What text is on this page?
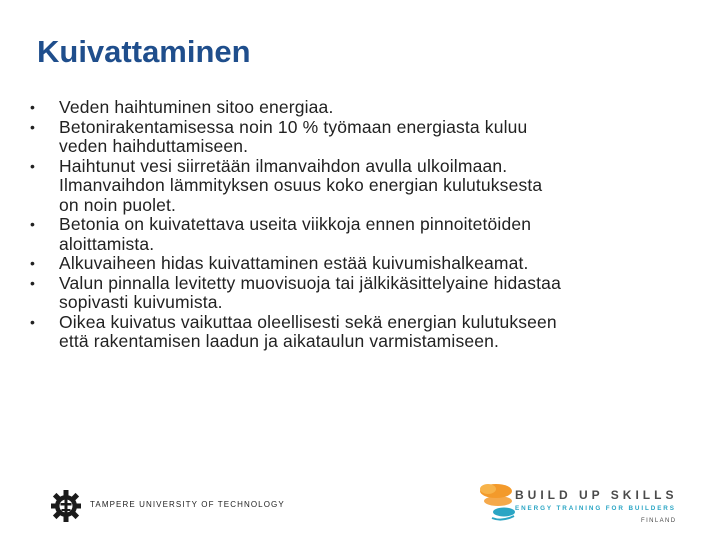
Kuivattaminen
• Veden haihtuminen sitoo energiaa.
• Betonirakentamisessa noin 10 % työmaan energiasta kuluu
veden haihduttamiseen.
• Haihtunut vesi siirretään ilmanvaihdon avulla ulkoilmaan.
Ilmanvaihdon lämmityksen osuus koko energian kulutuksesta
on noin puolet.
• Betonia on kuivatettava useita viikkoja ennen pinnoitetöiden
aloittamista.
• Alkuvaiheen hidas kuivattaminen estää kuivumishalkeamat.
• Valun pinnalla levitetty muovisuoja tai jälkikäsittelyaine hidastaa
sopivasti kuivumista.
• Oikea kuivatus vaikuttaa oleellisesti sekä energian kulutukseen
että rakentamisen laadun ja aikataulun varmistamiseen.
TAMPERE UNIVERSITY OF TECHNOLOGY
BUILD UP SKILLS
ENERGY TRAINING FOR BUILDERS
FINLAND
